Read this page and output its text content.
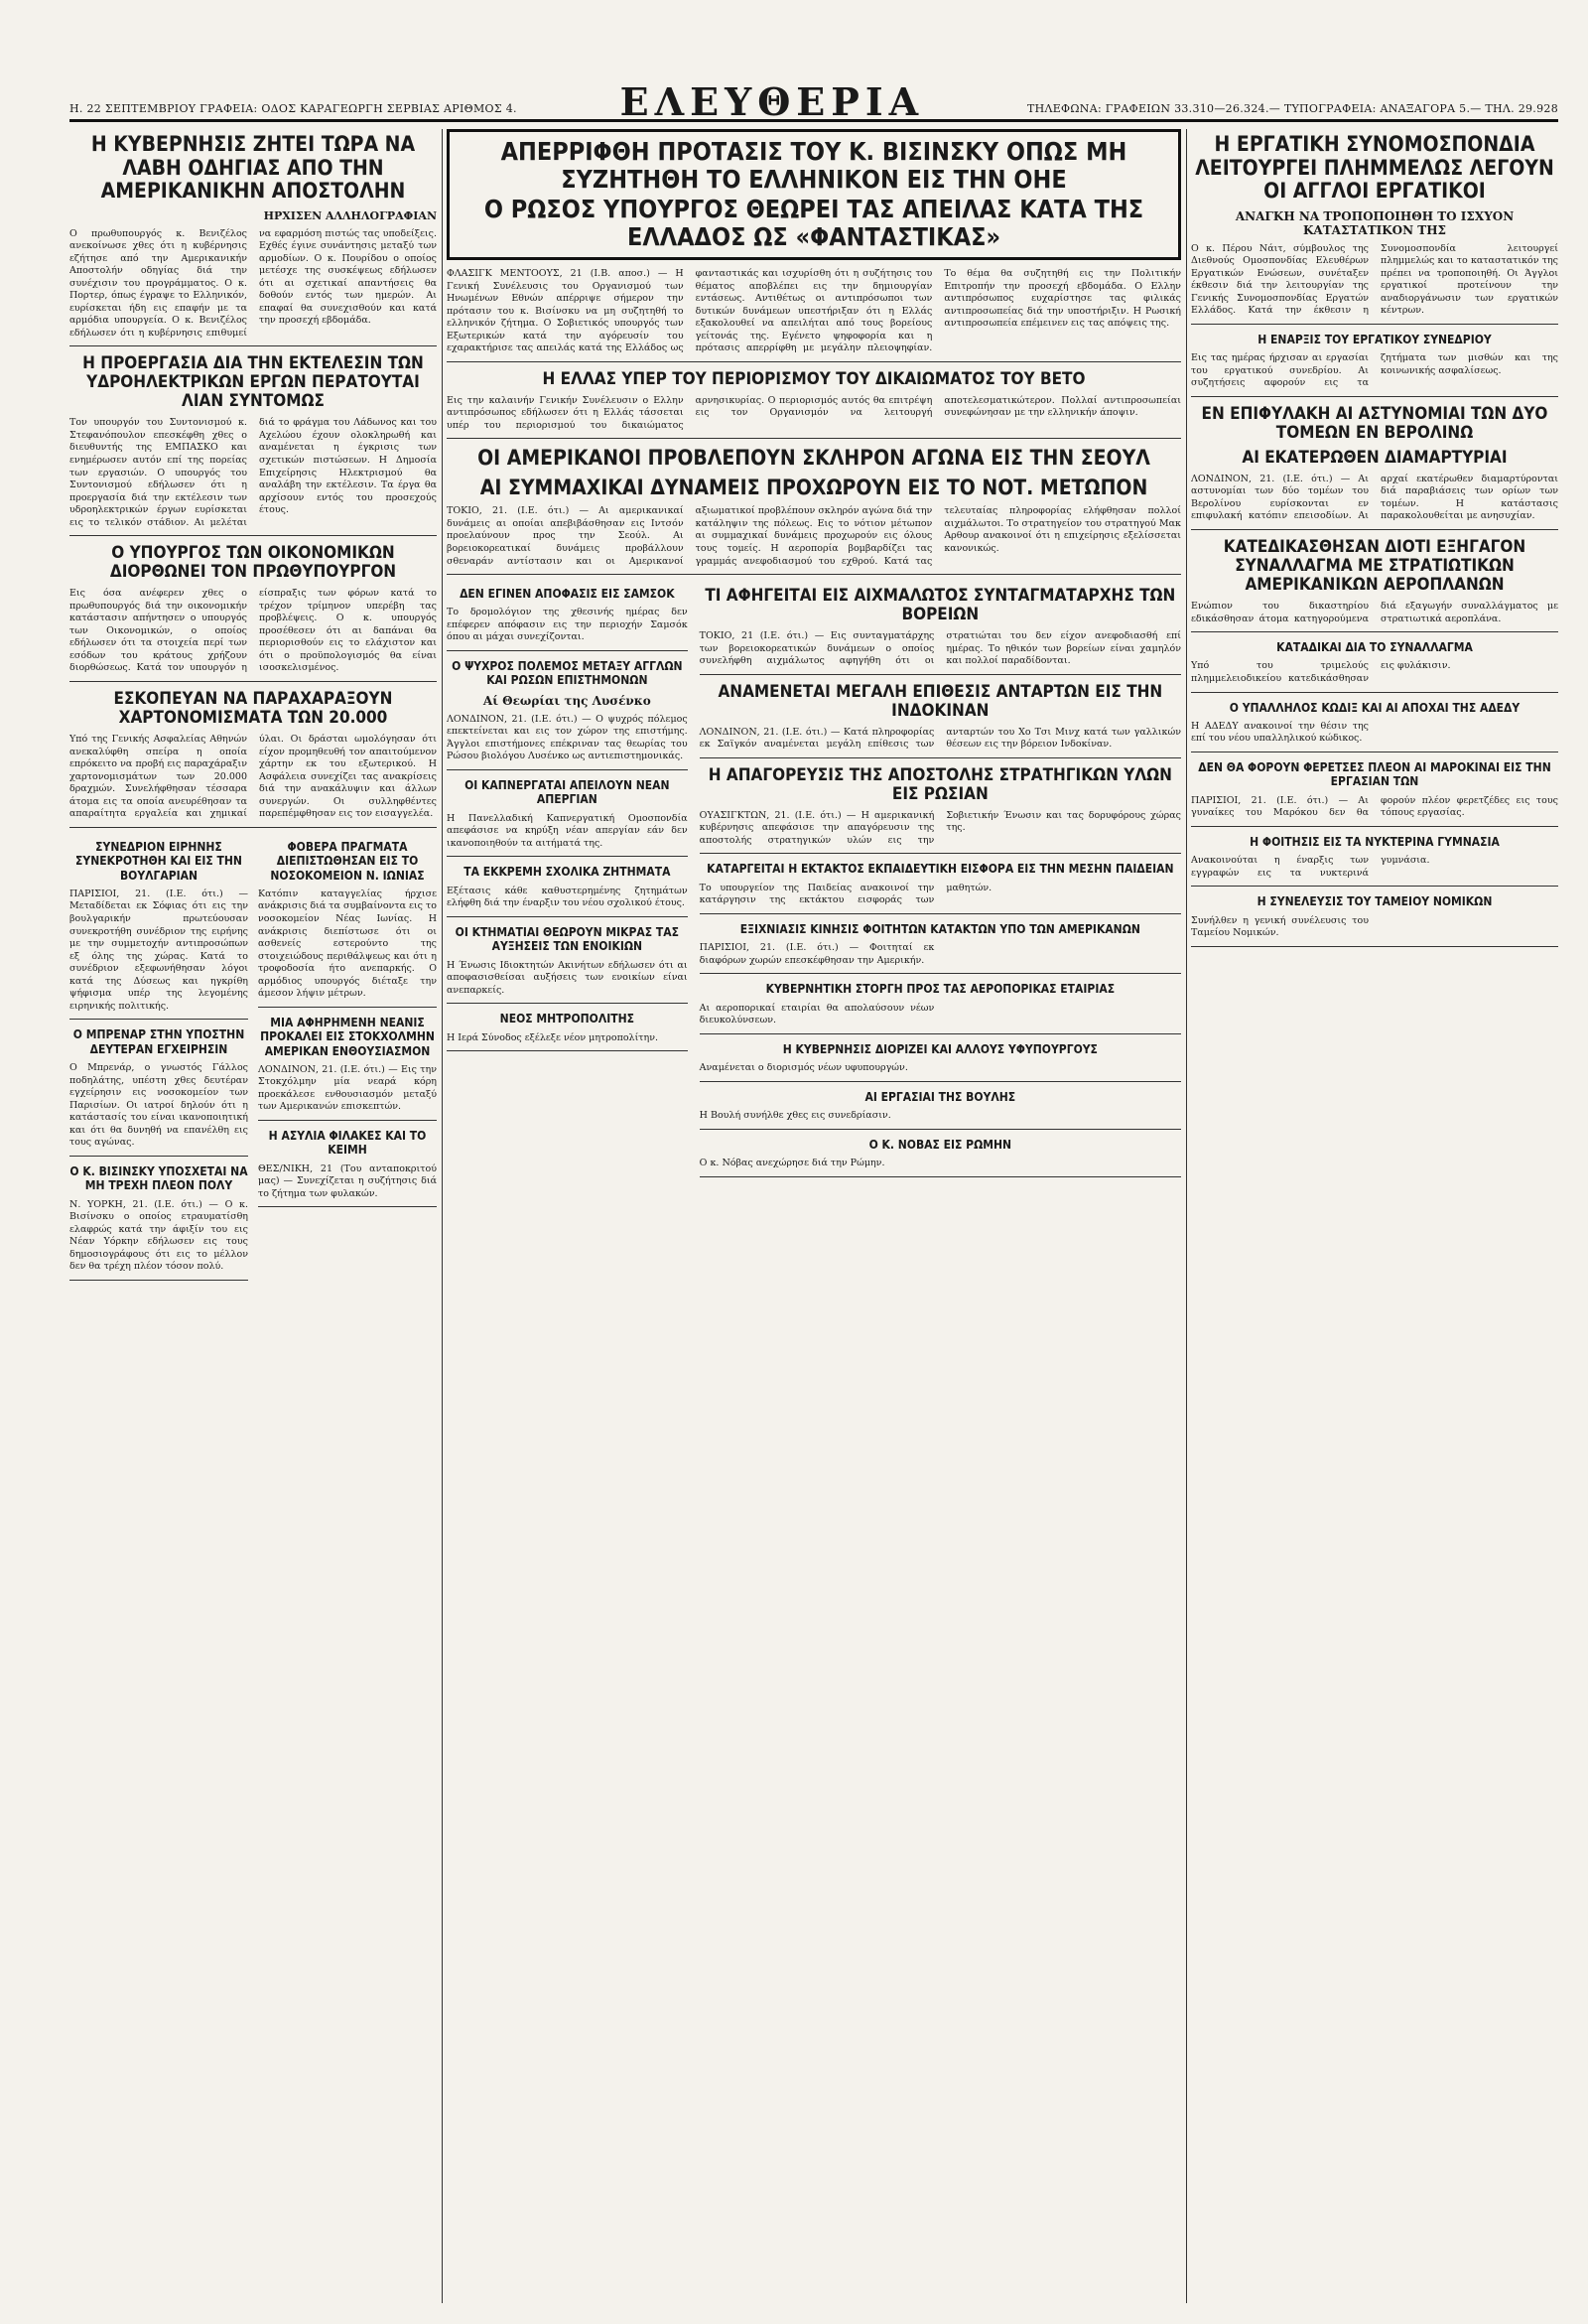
Η. 22 ΣΕΠΤΕΜΒΡΙΟΥ ΓΡΑΦΕΙΑ: ΟΔΟΣ ΚΑΡΑΓΕΩΡΓΗ ΣΕΡΒΙΑΣ ΑΡΙΘΜΟΣ 4.	ΕΛΕΥΘΕΡΙΑ	ΤΗΛΕΦΩΝΑ: ΓΡΑΦΕΙΩΝ 33.310—26.324.— ΤΥΠΟΓΡΑΦΕΙΑ: ΑΝΑΞΑΓΟΡΑ 5.— ΤΗΛ. 29.928
Η ΚΥΒΕΡΝΗΣΙΣ ΖΗΤΕΙ ΤΩΡΑ ΝΑ ΛΑΒΗ ΟΔΗΓΙΑΣ ΑΠΟ ΤΗΝ ΑΜΕΡΙΚΑΝΙΚΗΝ ΑΠΟΣΤΟΛΗΝ
ΗΡΧΙΣΕΝ ΑΛΛΗΛΟΓΡΑΦΙΑΝ

Ο πρωθυπουργός κ. Βενιζέλος ανεκοίνωσε χθες ότι η κυβέρνησις εζήτησε από την Αμερικανικήν Αποστολήν οδηγίας διά την συνέχισιν του προγράμματος. Ο κ. Πορτερ, όπως έγραψε το Ελληνικόν, ευρίσκεται ήδη εις επαφήν με τα αρμόδια υπουργεία. Ο κ. Βενιζέλος εδήλωσεν ότι η κυβέρνησις επιθυμεί να εφαρμόση πιστώς τας υποδείξεις. Εχθές έγινε συνάντησις μεταξύ των αρμοδίων. Ο κ. Πουρίδου ο οποίος μετέσχε της συσκέψεως εδήλωσεν ότι αι σχετικαί απαντήσεις θα δοθούν εντός των ημερών. Αι επαφαί θα συνεχισθούν και κατά την προσεχή εβδομάδα.

Η ΠΡΟΕΡΓΑΣΙΑ ΔΙΑ ΤΗΝ ΕΚΤΕΛΕΣΙΝ ΤΩΝ ΥΔΡΟΗΛΕΚΤΡΙΚΩΝ ΕΡΓΩΝ ΠΕΡΑΤΟΥΤΑΙ ΛΙΑΝ ΣΥΝΤΟΜΩΣ

Τον υπουργόν του Συντονισμού κ. Στεφανόπουλον επεσκέφθη χθες ο διευθυντής της ΕΜΠΑΣΚΟ και ενημέρωσεν αυτόν επί της πορείας των εργασιών. Ο υπουργός του Συντονισμού εδήλωσεν ότι η προεργασία διά την εκτέλεσιν των υδροηλεκτρικών έργων ευρίσκεται εις το τελικόν στάδιον. Αι μελέται διά το φράγμα του Λάδωνος και του Αχελώου έχουν ολοκληρωθή και αναμένεται η έγκρισις των σχετικών πιστώσεων. Η Δημοσία Επιχείρησις Ηλεκτρισμού θα αναλάβη την εκτέλεσιν. Τα έργα θα αρχίσουν εντός του προσεχούς έτους.

Ο ΥΠΟΥΡΓΟΣ ΤΩΝ ΟΙΚΟΝΟΜΙΚΩΝ ΔΙΟΡΘΩΝΕΙ ΤΟΝ ΠΡΩΘΥΠΟΥΡΓΟΝ

Εις όσα ανέφερεν χθες ο πρωθυπουργός διά την οικονομικήν κατάστασιν απήντησεν ο υπουργός των Οικονομικών, ο οποίος εδήλωσεν ότι τα στοιχεία περί των εσόδων του κράτους χρήζουν διορθώσεως. Κατά τον υπουργόν η είσπραξις των φόρων κατά το τρέχον τρίμηνον υπερέβη τας προβλέψεις. Ο κ. υπουργός προσέθεσεν ότι αι δαπάναι θα περιορισθούν εις το ελάχιστον και ότι ο προϋπολογισμός θα είναι ισοσκελισμένος.

ΕΣΚΟΠΕΥΑΝ ΝΑ ΠΑΡΑΧΑΡΑΞΟΥΝ ΧΑΡΤΟΝΟΜΙΣΜΑΤΑ ΤΩΝ 20.000

Υπό της Γενικής Ασφαλείας Αθηνών ανεκαλύφθη σπείρα η οποία επρόκειτο να προβή εις παραχάραξιν χαρτονομισμάτων των 20.000 δραχμών. Συνελήφθησαν τέσσαρα άτομα εις τα οποία ανευρέθησαν τα απαραίτητα εργαλεία και χημικαί ύλαι. Οι δράσται ωμολόγησαν ότι είχον προμηθευθή τον απαιτούμενον χάρτην εκ του εξωτερικού. Η Ασφάλεια συνεχίζει τας ανακρίσεις διά την ανακάλυψιν και άλλων συνεργών. Οι συλληφθέντες παρεπέμφθησαν εις τον εισαγγελέα.

ΣΥΝΕΔΡΙΟΝ ΕΙΡΗΝΗΣ ΣΥΝΕΚΡΟΤΗΘΗ ΚΑΙ ΕΙΣ ΤΗΝ ΒΟΥΛΓΑΡΙΑΝ

ΠΑΡΙΣΙΟΙ, 21. (Ι.Ε. ότι.) — Μεταδίδεται εκ Σόφιας ότι εις την βουλγαρικήν πρωτεύουσαν συνεκροτήθη συνέδριον της ειρήνης με την συμμετοχήν αντιπροσώπων εξ όλης της χώρας. Κατά το συνέδριον εξεφωνήθησαν λόγοι κατά της Δύσεως και ηγκρίθη ψήφισμα υπέρ της λεγομένης ειρηνικής πολιτικής.

Ο ΜΠΡΕΝΑΡ ΣΤΗΝ ΥΠΟΣΤΗΝ ΔΕΥΤΕΡΑΝ ΕΓΧΕΙΡΗΣΙΝ

Ο Μπρενάρ, ο γνωστός Γάλλος ποδηλάτης, υπέστη χθες δευτέραν εγχείρησιν εις νοσοκομείον των Παρισίων. Οι ιατροί δηλούν ότι η κατάστασίς του είναι ικανοποιητική και ότι θα δυνηθή να επανέλθη εις τους αγώνας.

Ο Κ. ΒΙΣΙΝΣΚΥ ΥΠΟΣΧΕΤΑΙ ΝΑ ΜΗ ΤΡΕΧΗ ΠΛΕΟΝ ΠΟΛΥ

Ν. ΥΟΡΚΗ, 21. (Ι.Ε. ότι.) — Ο κ. Βισίνσκυ ο οποίος ετραυματίσθη ελαφρώς κατά την άφιξίν του εις Νέαν Υόρκην εδήλωσεν εις τους δημοσιογράφους ότι εις το μέλλον δεν θα τρέχη πλέον τόσον πολύ.

ΦΟΒΕΡΑ ΠΡΑΓΜΑΤΑ ΔΙΕΠΙΣΤΩΘΗΣΑΝ ΕΙΣ ΤΟ ΝΟΣΟΚΟΜΕΙΟΝ Ν. ΙΩΝΙΑΣ

Κατόπιν καταγγελίας ήρχισε ανάκρισις διά τα συμβαίνοντα εις το νοσοκομείον Νέας Ιωνίας. Η ανάκρισις διεπίστωσε ότι οι ασθενείς εστερούντο της στοιχειώδους περιθάλψεως και ότι η τροφοδοσία ήτο ανεπαρκής. Ο αρμόδιος υπουργός διέταξε την άμεσον λήψιν μέτρων.

ΜΙΑ ΑΦΗΡΗΜΕΝΗ ΝΕΑΝΙΣ ΠΡΟΚΑΛΕΙ ΕΙΣ ΣΤΟΚΧΟΛΜΗΝ ΑΜΕΡΙΚΑΝ ΕΝΘΟΥΣΙΑΣΜΟΝ

ΛΟΝΔΙΝΟΝ, 21. (Ι.Ε. ότι.) — Εις την Στοκχόλμην μία νεαρά κόρη προεκάλεσε ενθουσιασμόν μεταξύ των Αμερικανών επισκεπτών.

Η ΑΣΥΛΙΑ ΦΙΛΑΚΕΣ ΚΑΙ ΤΟ ΚΕΙΜΗ

ΘΕΣ/ΝΙΚΗ, 21 (Του ανταποκριτού μας) — Συνεχίζεται η συζήτησις διά το ζήτημα των φυλακών.

ΑΠΕΡΡΙΦΘΗ ΠΡΟΤΑΣΙΣ ΤΟΥ Κ. ΒΙΣΙΝΣΚΥ ΟΠΩΣ ΜΗ ΣΥΖΗΤΗΘΗ ΤΟ ΕΛΛΗΝΙΚΟΝ ΕΙΣ ΤΗΝ ΟΗΕ
Ο ΡΩΣΟΣ ΥΠΟΥΡΓΟΣ ΘΕΩΡΕΙ ΤΑΣ ΑΠΕΙΛΑΣ ΚΑΤΑ ΤΗΣ ΕΛΛΑΔΟΣ ΩΣ «ΦΑΝΤΑΣΤΙΚΑΣ»

ΦΛΑΣΙΓΚ ΜΕΝΤΟΟΥΣ, 21 (Ι.Β. αποσ.) — Η Γενική Συνέλευσις του Οργανισμού των Ηνωμένων Εθνών απέρριψε σήμερον την πρότασιν του κ. Βισίνσκυ να μη συζητηθή το ελληνικόν ζήτημα. Ο Σοβιετικός υπουργός των Εξωτερικών κατά την αγόρευσίν του εχαρακτήρισε τας απειλάς κατά της Ελλάδος ως φανταστικάς και ισχυρίσθη ότι η συζήτησις του θέματος αποβλέπει εις την δημιουργίαν εντάσεως. Αντιθέτως οι αντιπρόσωποι των δυτικών δυνάμεων υπεστήριξαν ότι η Ελλάς εξακολουθεί να απειλήται από τους βορείους γείτονάς της. Εγένετο ψηφοφορία και η πρότασις απερρίφθη με μεγάλην πλειοψηφίαν. Το θέμα θα συζητηθή εις την Πολιτικήν Επιτροπήν την προσεχή εβδομάδα. Ο Ελλην αντιπρόσωπος ευχαρίστησε τας φιλικάς αντιπροσωπείας διά την υποστήριξιν. Η Ρωσική αντιπροσωπεία επέμεινεν εις τας απόψεις της.

Η ΕΛΛΑΣ ΥΠΕΡ ΤΟΥ ΠΕΡΙΟΡΙΣΜΟΥ ΤΟΥ ΔΙΚΑΙΩΜΑΤΟΣ ΤΟΥ ΒΕΤΟ

Εις την καλαινήν Γενικήν Συνέλευσιν ο Ελλην αντιπρόσωπος εδήλωσεν ότι η Ελλάς τάσσεται υπέρ του περιορισμού του δικαιώματος αρνησικυρίας. Ο περιορισμός αυτός θα επιτρέψη εις τον Οργανισμόν να λειτουργή αποτελεσματικώτερον. Πολλαί αντιπροσωπείαι συνεφώνησαν με την ελληνικήν άποψιν.

ΟΙ ΑΜΕΡΙΚΑΝΟΙ ΠΡΟΒΛΕΠΟΥΝ ΣΚΛΗΡΟΝ ΑΓΩΝΑ ΕΙΣ ΤΗΝ ΣΕΟΥΛ
ΑΙ ΣΥΜΜΑΧΙΚΑΙ ΔΥΝΑΜΕΙΣ ΠΡΟΧΩΡΟΥΝ ΕΙΣ ΤΟ ΝΟΤ. ΜΕΤΩΠΟΝ

ΤΟΚΙΟ, 21. (Ι.Ε. ότι.) — Αι αμερικανικαί δυνάμεις αι οποίαι απεβιβάσθησαν εις Ιντσόν προελαύνουν προς την Σεούλ. Αι βορειοκορεατικαί δυνάμεις προβάλλουν σθεναράν αντίστασιν και οι Αμερικανοί αξιωματικοί προβλέπουν σκληρόν αγώνα διά την κατάληψιν της πόλεως. Εις το νότιον μέτωπον αι συμμαχικαί δυνάμεις προχωρούν εις όλους τους τομείς. Η αεροπορία βομβαρδίζει τας γραμμάς ανεφοδιασμού του εχθρού. Κατά τας τελευταίας πληροφορίας ελήφθησαν πολλοί αιχμάλωτοι. Το στρατηγείον του στρατηγού Μακ Αρθουρ ανακοινοί ότι η επιχείρησις εξελίσσεται κανονικώς.

ΔΕΝ ΕΓΙΝΕΝ ΑΠΟΦΑΣΙΣ ΕΙΣ ΣΑΜΣΟΚ

Το δρομολόγιον της χθεσινής ημέρας δεν επέφερεν απόφασιν εις την περιοχήν Σαμσόκ όπου αι μάχαι συνεχίζονται.

Ο ΨΥΧΡΟΣ ΠΟΛΕΜΟΣ ΜΕΤΑΞΥ ΑΓΓΛΩΝ ΚΑΙ ΡΩΣΩΝ ΕΠΙΣΤΗΜΟΝΩΝ
Αί Θεωρίαι της Λυσένκο

ΛΟΝΔΙΝΟΝ, 21. (Ι.Ε. ότι.) — Ο ψυχρός πόλεμος επεκτείνεται και εις τον χώρον της επιστήμης. Άγγλοι επιστήμονες επέκριναν τας θεωρίας του Ρώσου βιολόγου Λυσένκο ως αντιεπιστημονικάς.

ΟΙ ΚΑΠΝΕΡΓΑΤΑΙ ΑΠΕΙΛΟΥΝ ΝΕΑΝ ΑΠΕΡΓΙΑΝ

Η Πανελλαδική Καπνεργατική Ομοσπονδία απεφάσισε να κηρύξη νέαν απεργίαν εάν δεν ικανοποιηθούν τα αιτήματά της.

ΤΑ ΕΚΚΡΕΜΗ ΣΧΟΛΙΚΑ ΖΗΤΗΜΑΤΑ

Εξέτασις κάθε καθυστερημένης ζητημάτων ελήφθη διά την έναρξιν του νέου σχολικού έτους.

ΟΙ ΚΤΗΜΑΤΙΑΙ ΘΕΩΡΟΥΝ ΜΙΚΡΑΣ ΤΑΣ ΑΥΞΗΣΕΙΣ ΤΩΝ ΕΝΟΙΚΙΩΝ

Η Ένωσις Ιδιοκτητών Ακινήτων εδήλωσεν ότι αι αποφασισθείσαι αυξήσεις των ενοικίων είναι ανεπαρκείς.

ΝΕΟΣ ΜΗΤΡΟΠΟΛΙΤΗΣ

Η Ιερά Σύνοδος εξέλεξε νέον μητροπολίτην.

ΤΙ ΑΦΗΓΕΙΤΑΙ ΕΙΣ ΑΙΧΜΑΛΩΤΟΣ ΣΥΝΤΑΓΜΑΤΑΡΧΗΣ ΤΩΝ ΒΟΡΕΙΩΝ

ΤΟΚΙΟ, 21 (Ι.Ε. ότι.) — Εις συνταγματάρχης των βορειοκορεατικών δυνάμεων ο οποίος συνελήφθη αιχμάλωτος αφηγήθη ότι οι στρατιώται του δεν είχον ανεφοδιασθή επί ημέρας. Το ηθικόν των βορείων είναι χαμηλόν και πολλοί παραδίδονται.

ΑΝΑΜΕΝΕΤΑΙ ΜΕΓΑΛΗ ΕΠΙΘΕΣΙΣ ΑΝΤΑΡΤΩΝ ΕΙΣ ΤΗΝ ΙΝΔΟΚΙΝΑΝ

ΛΟΝΔΙΝΟΝ, 21. (Ι.Ε. ότι.) — Κατά πληροφορίας εκ Σαϊγκόν αναμένεται μεγάλη επίθεσις των ανταρτών του Χο Τσι Μινχ κατά των γαλλικών θέσεων εις την βόρειον Ινδοκίναν.

Η ΑΠΑΓΟΡΕΥΣΙΣ ΤΗΣ ΑΠΟΣΤΟΛΗΣ ΣΤΡΑΤΗΓΙΚΩΝ ΥΛΩΝ ΕΙΣ ΡΩΣΙΑΝ

ΟΥΑΣΙΓΚΤΩΝ, 21. (Ι.Ε. ότι.) — Η αμερικανική κυβέρνησις απεφάσισε την απαγόρευσιν της αποστολής στρατηγικών υλών εις την Σοβιετικήν Ένωσιν και τας δορυφόρους χώρας της.

ΚΑΤΑΡΓΕΙΤΑΙ Η ΕΚΤΑΚΤΟΣ ΕΚΠΑΙΔΕΥΤΙΚΗ ΕΙΣΦΟΡΑ ΕΙΣ ΤΗΝ ΜΕΣΗΝ ΠΑΙΔΕΙΑΝ

Το υπουργείον της Παιδείας ανακοινοί την κατάργησιν της εκτάκτου εισφοράς των μαθητών.

ΕΞΙΧΝΙΑΣΙΣ ΚΙΝΗΣΙΣ ΦΟΙΤΗΤΩΝ ΚΑΤΑΚΤΩΝ ΥΠΟ ΤΩΝ ΑΜΕΡΙΚΑΝΩΝ

ΠΑΡΙΣΙΟΙ, 21. (Ι.Ε. ότι.) — Φοιτηταί εκ διαφόρων χωρών επεσκέφθησαν την Αμερικήν.

ΚΥΒΕΡΝΗΤΙΚΗ ΣΤΟΡΓΗ ΠΡΟΣ ΤΑΣ ΑΕΡΟΠΟΡΙΚΑΣ ΕΤΑΙΡΙΑΣ

Αι αεροπορικαί εταιρίαι θα απολαύσουν νέων διευκολύνσεων.

Η ΚΥΒΕΡΝΗΣΙΣ ΔΙΟΡΙΖΕΙ ΚΑΙ ΑΛΛΟΥΣ ΥΦΥΠΟΥΡΓΟΥΣ

Αναμένεται ο διορισμός νέων υφυπουργών.

ΑΙ ΕΡΓΑΣΙΑΙ ΤΗΣ ΒΟΥΛΗΣ

Η Βουλή συνήλθε χθες εις συνεδρίασιν.

Ο Κ. ΝΟΒΑΣ ΕΙΣ ΡΩΜΗΝ

Ο κ. Νόβας ανεχώρησε διά την Ρώμην.

Η ΕΡΓΑΤΙΚΗ ΣΥΝΟΜΟΣΠΟΝΔΙΑ ΛΕΙΤΟΥΡΓΕΙ ΠΛΗΜΜΕΛΩΣ ΛΕΓΟΥΝ ΟΙ ΑΓΓΛΟΙ ΕΡΓΑΤΙΚΟΙ
ΑΝΑΓΚΗ ΝΑ ΤΡΟΠΟΠΟΙΗΘΗ ΤΟ ΙΣΧΥΟΝ ΚΑΤΑΣΤΑΤΙΚΟΝ ΤΗΣ

Ο κ. Πέρου Νάιτ, σύμβουλος της Διεθνούς Ομοσπονδίας Ελευθέρων Εργατικών Ενώσεων, συνέταξεν έκθεσιν διά την λειτουργίαν της Γενικής Συνομοσπονδίας Εργατών Ελλάδος. Κατά την έκθεσιν η Συνομοσπονδία λειτουργεί πλημμελώς και το καταστατικόν της πρέπει να τροποποιηθή. Οι Άγγλοι εργατικοί προτείνουν την αναδιοργάνωσιν των εργατικών κέντρων.

Η ΕΝΑΡΞΙΣ ΤΟΥ ΕΡΓΑΤΙΚΟΥ ΣΥΝΕΔΡΙΟΥ

Εις τας ημέρας ήρχισαν αι εργασίαι του εργατικού συνεδρίου. Αι συζητήσεις αφορούν εις τα ζητήματα των μισθών και της κοινωνικής ασφαλίσεως.

ΕΝ ΕΠΙΦΥΛΑΚΗ ΑΙ ΑΣΤΥΝΟΜΙΑΙ ΤΩΝ ΔΥΟ ΤΟΜΕΩΝ ΕΝ ΒΕΡΟΛΙΝΩ
ΑΙ ΕΚΑΤΕΡΩΘΕΝ ΔΙΑΜΑΡΤΥΡΙΑΙ

ΛΟΝΔΙΝΟΝ, 21. (Ι.Ε. ότι.) — Αι αστυνομίαι των δύο τομέων του Βερολίνου ευρίσκονται εν επιφυλακή κατόπιν επεισοδίων. Αι αρχαί εκατέρωθεν διαμαρτύρονται διά παραβιάσεις των ορίων των τομέων. Η κατάστασις παρακολουθείται με ανησυχίαν.

ΚΑΤΕΔΙΚΑΣΘΗΣΑΝ ΔΙΟΤΙ ΕΞΗΓΑΓΟΝ ΣΥΝΑΛΛΑΓΜΑ ΜΕ ΣΤΡΑΤΙΩΤΙΚΩΝ ΑΜΕΡΙΚΑΝΙΚΩΝ ΑΕΡΟΠΛΑΝΩΝ

Ενώπιον του δικαστηρίου εδικάσθησαν άτομα κατηγορούμενα διά εξαγωγήν συναλλάγματος με στρατιωτικά αεροπλάνα.

ΚΑΤΑΔΙΚΑΙ ΔΙΑ ΤΟ ΣΥΝΑΛΛΑΓΜΑ

Υπό του τριμελούς πλημμελειοδικείου κατεδικάσθησαν εις φυλάκισιν.

Ο ΥΠΑΛΛΗΛΟΣ ΚΩΔΙΞ ΚΑΙ ΑΙ ΑΠΟΧΑΙ ΤΗΣ ΑΔΕΔΥ

Η ΑΔΕΔΥ ανακοινοί την θέσιν της επί του νέου υπαλληλικού κώδικος.

ΔΕΝ ΘΑ ΦΟΡΟΥΝ ΦΕΡΕΤΣΕΣ ΠΛΕΟΝ ΑΙ ΜΑΡΟΚΙΝΑΙ ΕΙΣ ΤΗΝ ΕΡΓΑΣΙΑΝ ΤΩΝ

ΠΑΡΙΣΙΟΙ, 21. (Ι.Ε. ότι.) — Αι γυναίκες του Μαρόκου δεν θα φορούν πλέον φερετζέδες εις τους τόπους εργασίας.

Η ΦΟΙΤΗΣΙΣ ΕΙΣ ΤΑ ΝΥΚΤΕΡΙΝΑ ΓΥΜΝΑΣΙΑ

Ανακοινούται η έναρξις των εγγραφών εις τα νυκτερινά γυμνάσια.

Η ΣΥΝΕΛΕΥΣΙΣ ΤΟΥ ΤΑΜΕΙΟΥ ΝΟΜΙΚΩΝ

Συνήλθεν η γενική συνέλευσις του Ταμείου Νομικών.
